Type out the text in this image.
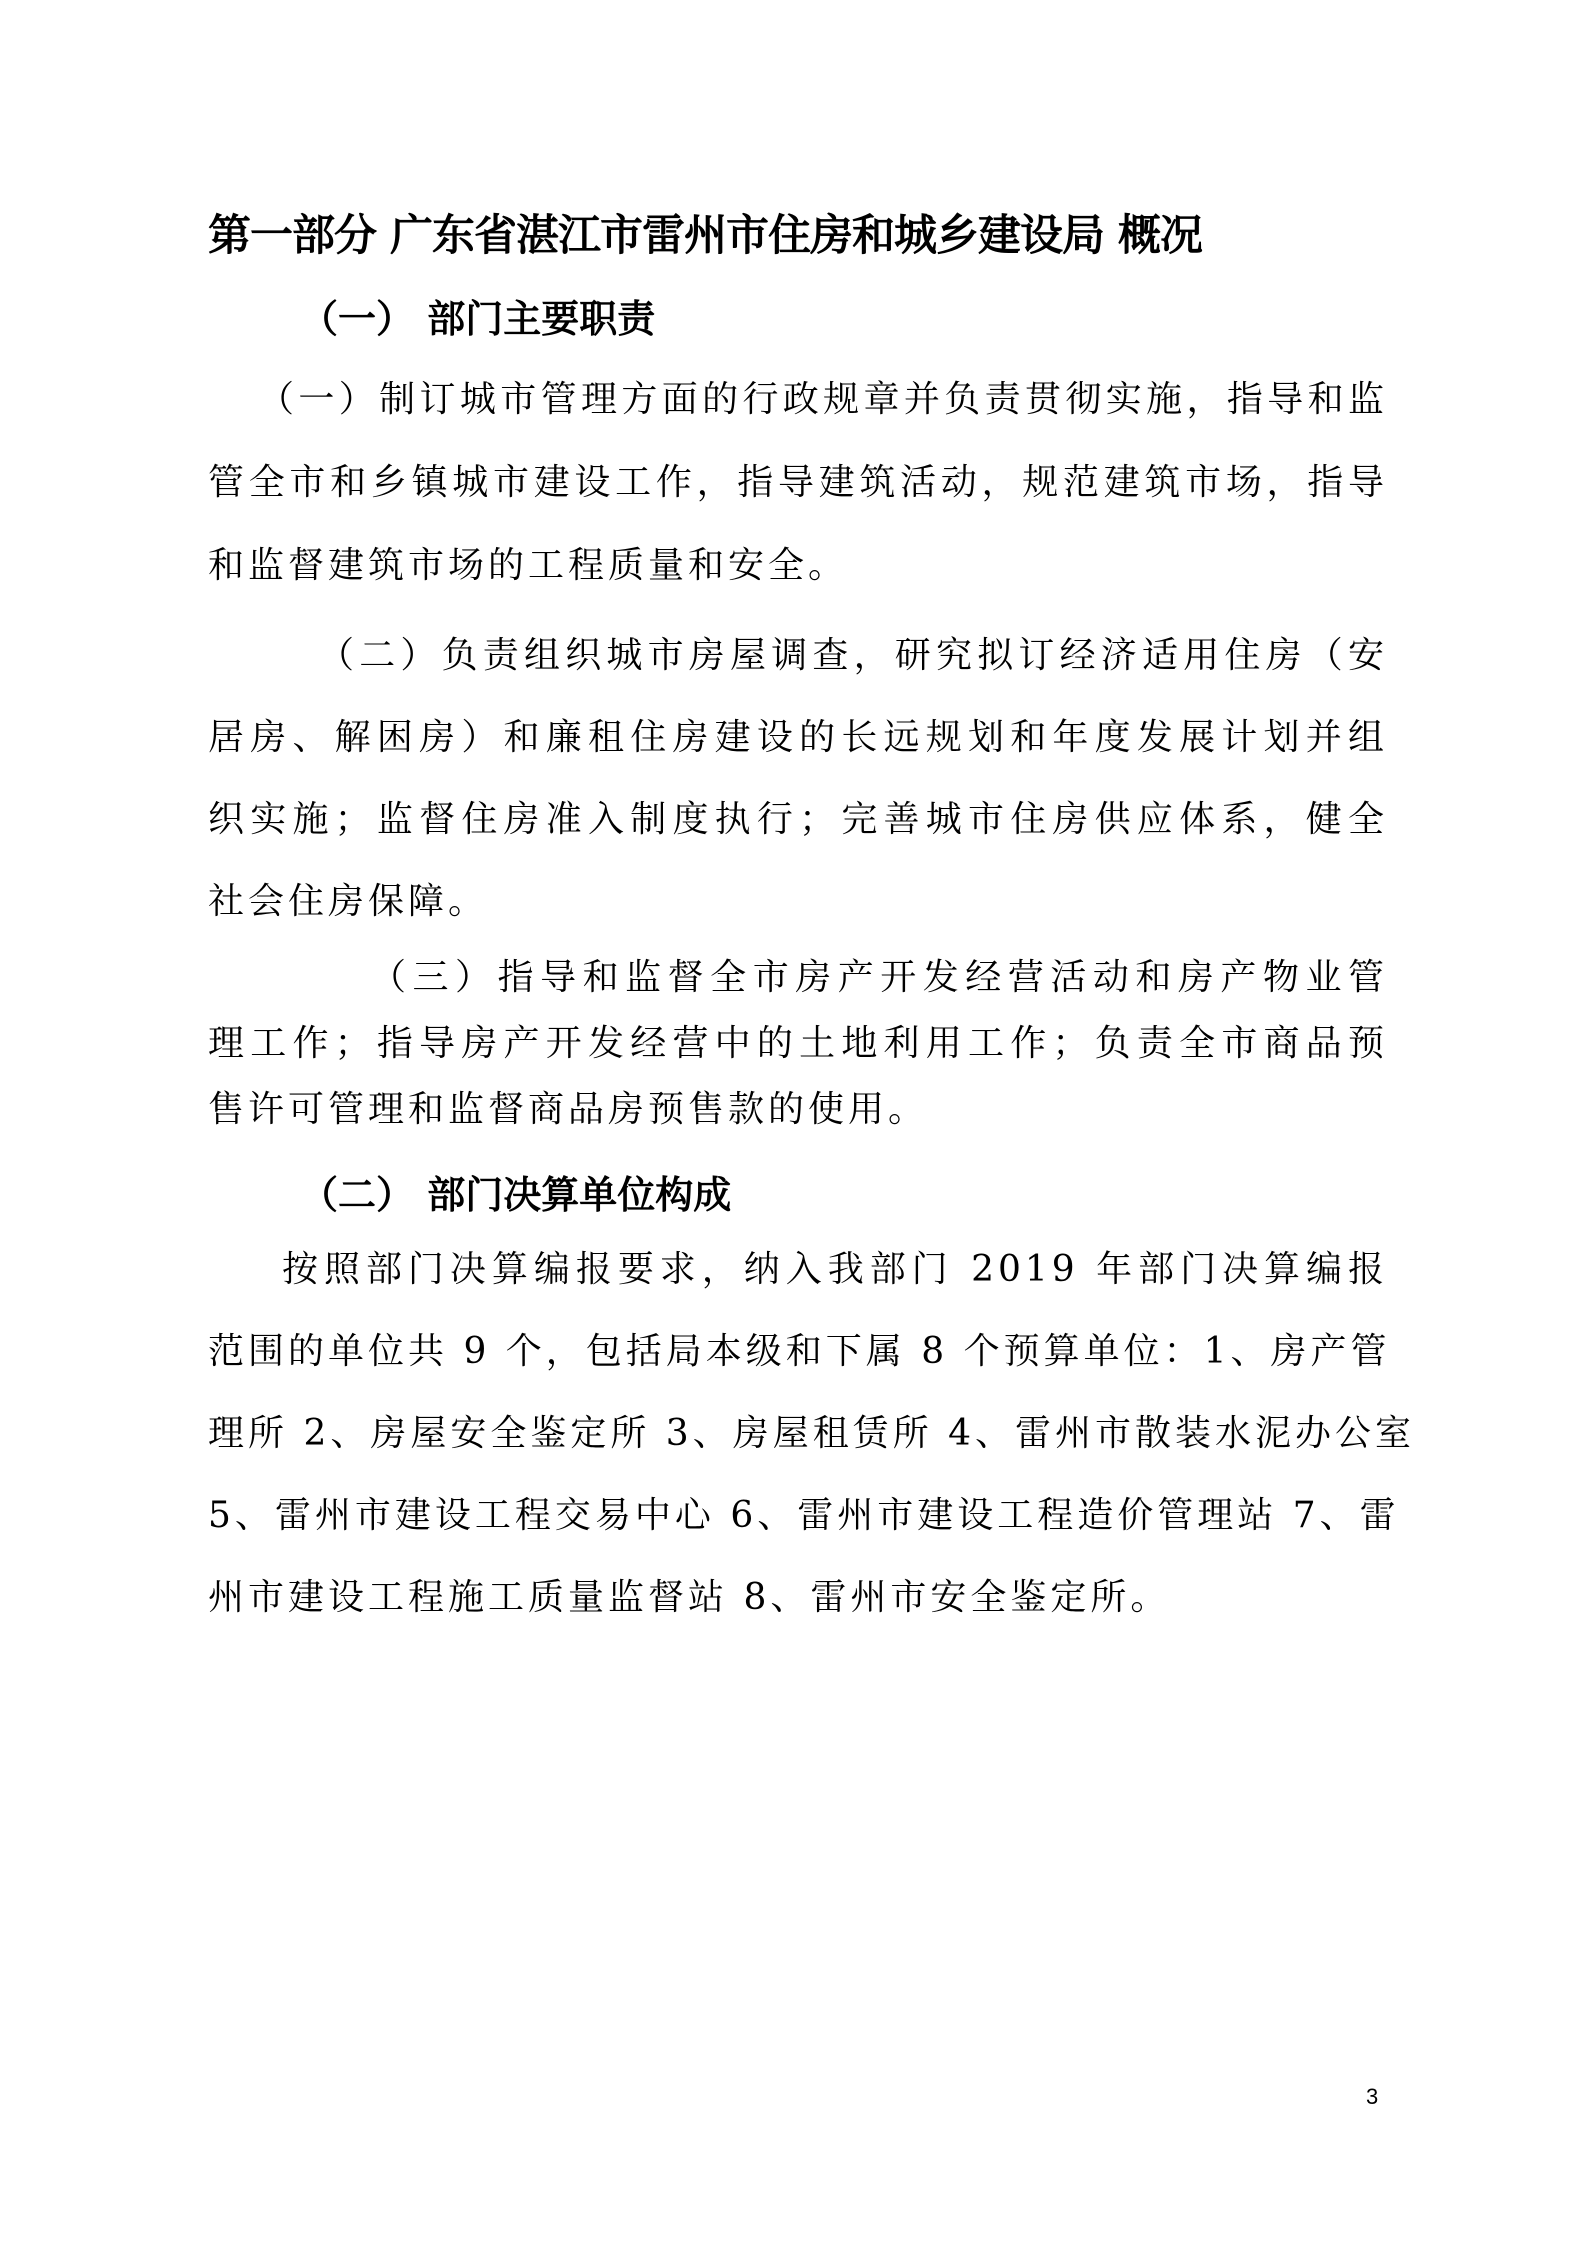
第一部分 广东省湛江市雷州市住房和城乡建设局 概况
（一） 部门主要职责
（一）制订城市管理方面的行政规章并负责贯彻实施，指导和监
管全市和乡镇城市建设工作，指导建筑活动，规范建筑市场，指导
和监督建筑市场的工程质量和安全。
（二）负责组织城市房屋调查，研究拟订经济适用住房（安
居房、解困房）和廉租住房建设的长远规划和年度发展计划并组
织实施；监督住房准入制度执行；完善城市住房供应体系，健全
社会住房保障。
（三）指导和监督全市房产开发经营活动和房产物业管
理工作；指导房产开发经营中的土地利用工作；负责全市商品预
售许可管理和监督商品房预售款的使用。
（二） 部门决算单位构成
按照部门决算编报要求，纳入我部门 2019 年部门决算编报
范围的单位共 9 个，包括局本级和下属 8 个预算单位：1、房产管
理所 2、房屋安全鉴定所 3、房屋租赁所 4、雷州市散装水泥办公室
5、雷州市建设工程交易中心 6、雷州市建设工程造价管理站 7、雷
州市建设工程施工质量监督站 8、雷州市安全鉴定所。
3
